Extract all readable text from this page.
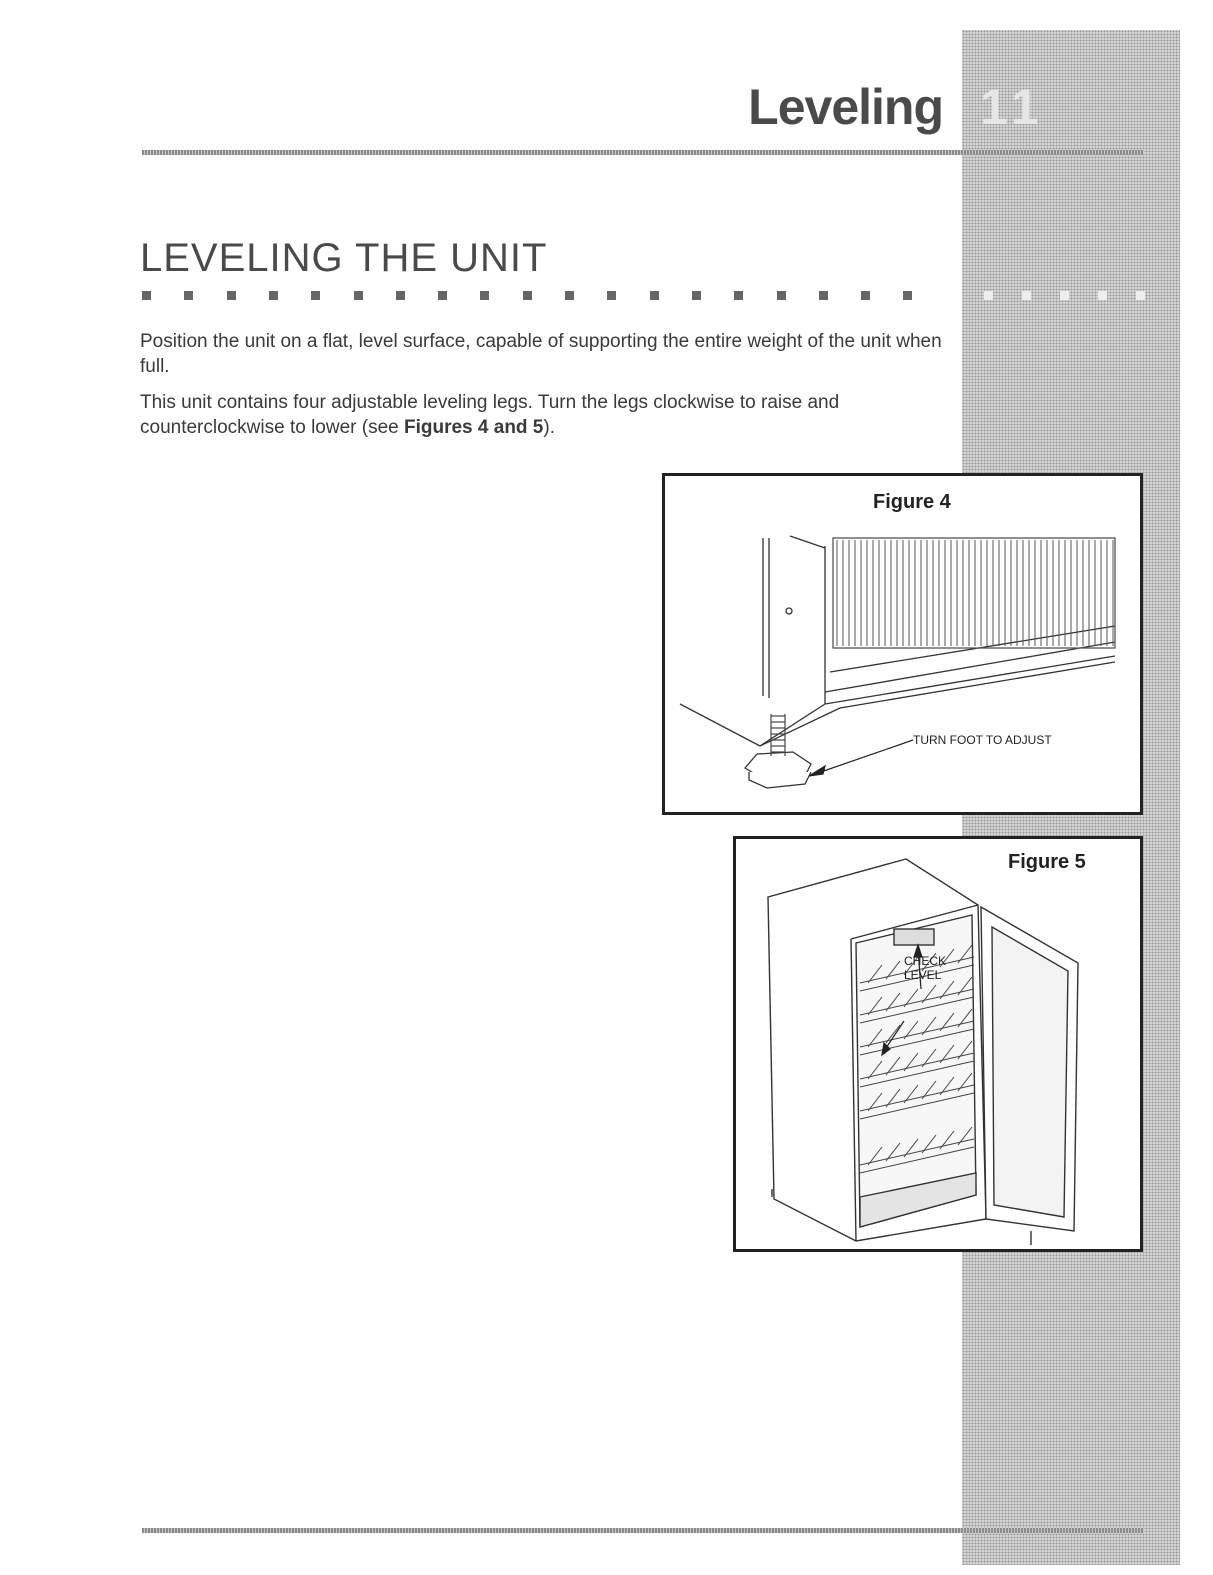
Leveling 11
LEVELING THE UNIT
Position the unit on a flat, level surface, capable of supporting the entire weight of the unit when full.
This unit contains four adjustable leveling legs. Turn the legs clockwise to raise and counterclockwise to lower (see Figures 4 and 5).
Figure 4
TURN FOOT TO ADJUST
Figure 5
CHECK
LEVEL
